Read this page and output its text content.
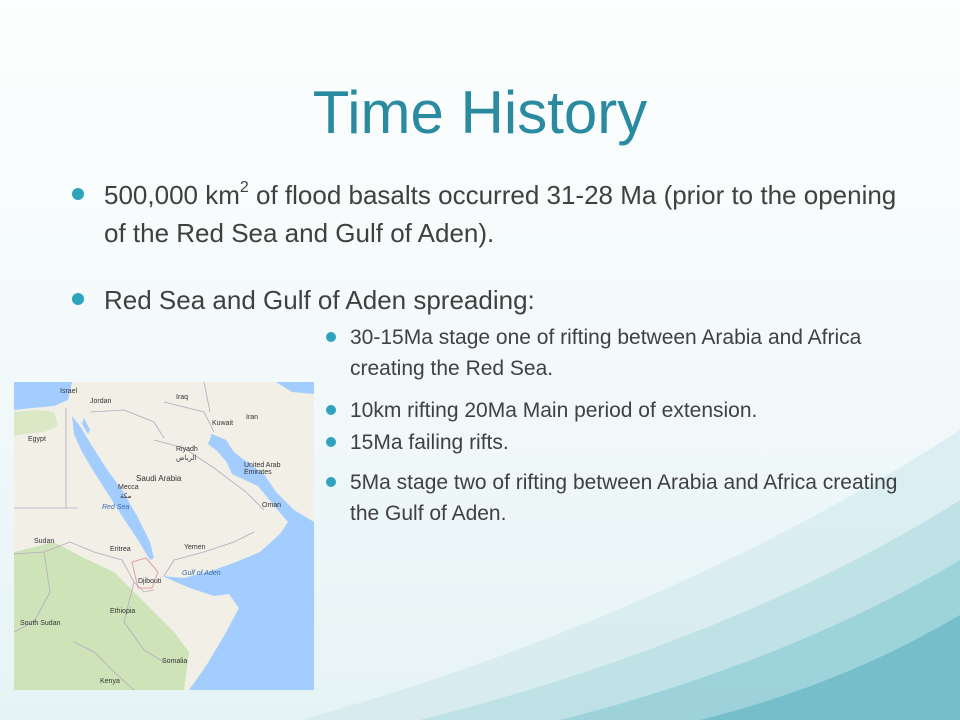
Time History
500,000 $km^2$ of flood basalts occurred 31-28 Ma (prior to the opening of the Red Sea and Gulf of Aden).
Red Sea and Gulf of Aden spreading:
30-15Ma stage one of rifting between Arabia and Africa creating the Red Sea.
10km rifting 20Ma Main period of extension.
15Ma failing rifts.
5Ma stage two of rifting between Arabia and Africa creating the Gulf of Aden.
Israel
Jordan
Iraq
Iran
Egypt
Kuwait
Riyadh
الرياض
Saudi Arabia
Mecca
مكة
United Arab Emirates
Oman
Red Sea
Sudan
Eritrea	Yemen
Djibouti
Gulf of Aden
Ethiopia
South Sudan
Somalia
Kenya
